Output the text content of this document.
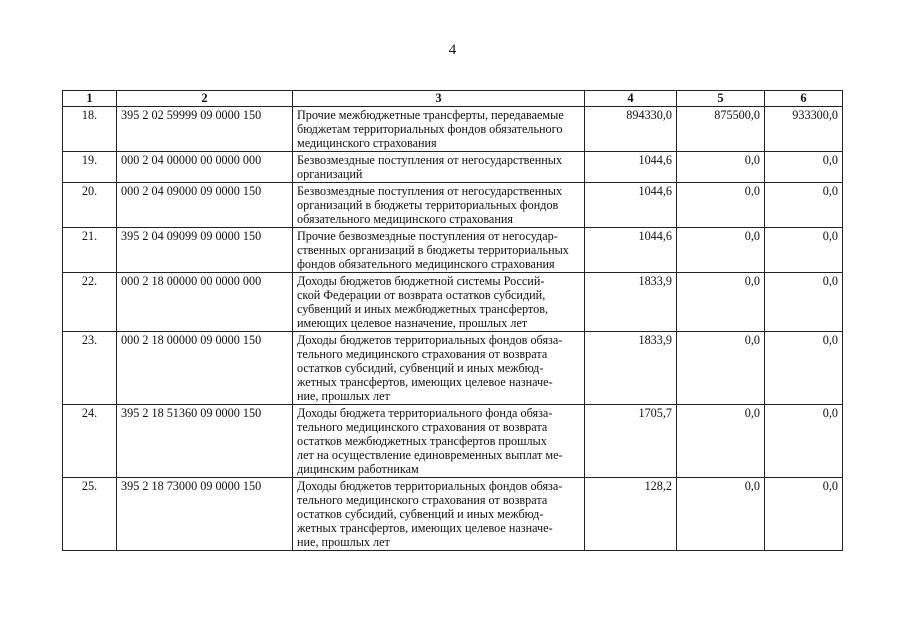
4
1	2	3	4	5	6
18.	395 2 02 59999 09 0000 150	Прочие межбюджетные трансферты, передаваемые
бюджетам территориальных фондов обязательного
медицинского страхования	894330,0	875500,0	933300,0
19.	000 2 04 00000 00 0000 000	Безвозмездные поступления от негосударственных
организаций	1044,6	0,0	0,0
20.	000 2 04 09000 09 0000 150	Безвозмездные поступления от негосударственных
организаций в бюджеты территориальных фондов
обязательного медицинского страхования	1044,6	0,0	0,0
21.	395 2 04 09099 09 0000 150	Прочие безвозмездные поступления от негосудар-
ственных организаций в бюджеты территориальных
фондов обязательного медицинского страхования	1044,6	0,0	0,0
22.	000 2 18 00000 00 0000 000	Доходы бюджетов бюджетной системы Россий-
ской Федерации от возврата остатков субсидий,
субвенций и иных межбюджетных трансфертов,
имеющих целевое назначение, прошлых лет	1833,9	0,0	0,0
23.	000 2 18 00000 09 0000 150	Доходы бюджетов территориальных фондов обяза-
тельного медицинского страхования от возврата
остатков субсидий, субвенций и иных межбюд-
жетных трансфертов, имеющих целевое назначе-
ние, прошлых лет	1833,9	0,0	0,0
24.	395 2 18 51360 09 0000 150	Доходы бюджета территориального фонда обяза-
тельного медицинского страхования от возврата
остатков межбюджетных трансфертов прошлых
лет на осуществление единовременных выплат ме-
дицинским работникам	1705,7	0,0	0,0
25.	395 2 18 73000 09 0000 150	Доходы бюджетов территориальных фондов обяза-
тельного медицинского страхования от возврата
остатков субсидий, субвенций и иных межбюд-
жетных трансфертов, имеющих целевое назначе-
ние, прошлых лет	128,2	0,0	0,0
